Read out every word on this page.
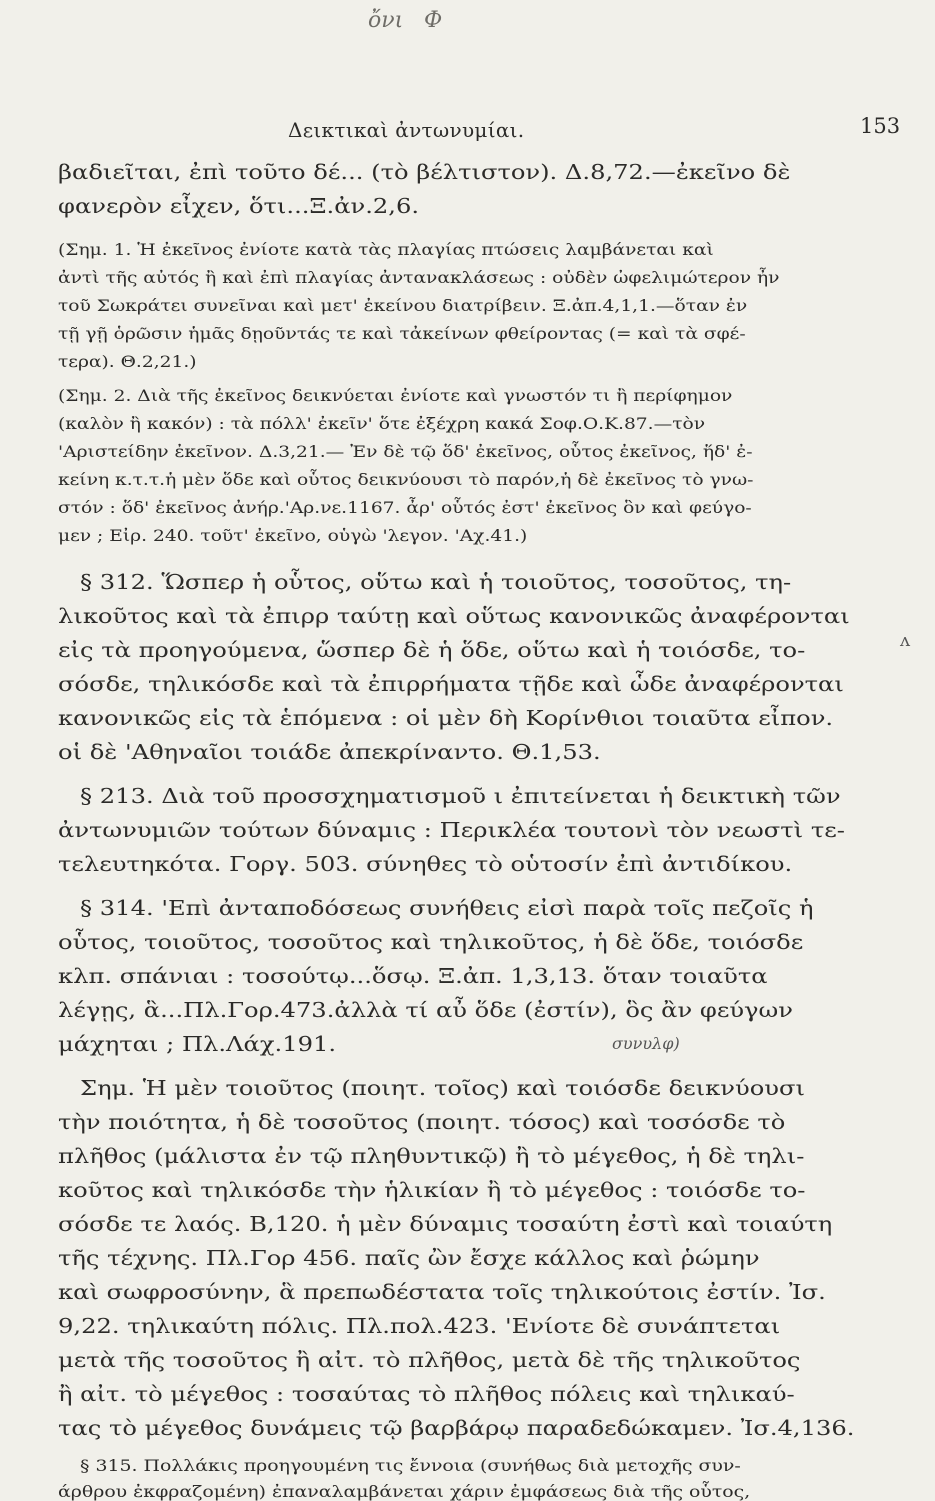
ὄνι Ф
Δεικτικαὶ ἀντωνυμίαι.	153
βαδιεῖται, ἐπὶ τοῦτο δέ... (τὸ βέλτιστον). Δ.8,72.—ἐκεῖνο δὲ
φανερὸν εἶχεν, ὅτι...Ξ.ἀν.2,6.
(Σημ. 1. Ἡ ἐκεῖνος ἐνίοτε κατὰ τὰς πλαγίας πτώσεις λαμβάνεται καὶ
ἀντὶ τῆς αὐτός ἢ καὶ ἐπὶ πλαγίας ἀντανακλάσεως : οὐδὲν ὠφελιμώτερον ἦν
τοῦ Σωκράτει συνεῖναι καὶ μετ' ἐκείνου διατρίβειν. Ξ.ἀπ.4,1,1.—ὅταν ἐν
τῇ γῇ ὁρῶσιν ἡμᾶς δῃοῦντάς τε καὶ τἀκείνων φθείροντας (= καὶ τὰ σφέ-
τερα). Θ.2,21.)
(Σημ. 2. Διὰ τῆς ἐκεῖνος δεικνύεται ἐνίοτε καὶ γνωστόν τι ἢ περίφημον
(καλὸν ἢ κακόν) : τὰ πόλλ' ἐκεῖν' ὅτε ἐξέχρη κακά Σοφ.Ο.Κ.87.—τὸν
'Αριστείδην ἐκεῖνον. Δ.3,21.— Ἐν δὲ τῷ ὅδ' ἐκεῖνος, οὗτος ἐκεῖνος, ἥδ' ἐ-
κείνη κ.τ.τ.ἡ μὲν ὅδε καὶ οὗτος δεικνύουσι τὸ παρόν,ἡ δὲ ἐκεῖνος τὸ γνω-
στόν : ὅδ' ἐκεῖνος ἀνήρ.'Αρ.νε.1167. ἆρ' οὗτός ἐστ' ἐκεῖνος ὃν καὶ φεύγο-
μεν ; Εἰρ. 240. τοῦτ' ἐκεῖνο, οὑγὼ 'λεγον. 'Αχ.41.)
§ 312. Ὥσπερ ἡ οὗτος, οὕτω καὶ ἡ τοιοῦτος, τοσοῦτος, τη-
λικοῦτος καὶ τὰ ἐπιρρ ταύτῃ καὶ οὕτως κανονικῶς ἀναφέρονται
εἰς τὰ προηγούμενα, ὥσπερ δὲ ἡ ὅδε, οὕτω καὶ ἡ τοιόσδε, το-
σόσδε, τηλικόσδε καὶ τὰ ἐπιρρήματα τῇδε καὶ ὧδε ἀναφέρονται
κανονικῶς εἰς τὰ ἑπόμενα : οἱ μὲν δὴ Κορίνθιοι τοιαῦτα εἶπον.
οἱ δὲ 'Αθηναῖοι τοιάδε ἀπεκρίναντο. Θ.1,53.
§ 213. Διὰ τοῦ προσσχηματισμοῦ ι ἐπιτείνεται ἡ δεικτικὴ τῶν
ἀντωνυμιῶν τούτων δύναμις : Περικλέα τουτονὶ τὸν νεωστὶ τε-
τελευτηκότα. Γοργ. 503. σύνηθες τὸ οὑτοσίν ἐπὶ ἀντιδίκου.
§ 314. 'Επὶ ἀνταποδόσεως συνήθεις εἰσὶ παρὰ τοῖς πεζοῖς ἡ
οὗτος, τοιοῦτος, τοσοῦτος καὶ τηλικοῦτος, ἡ δὲ ὅδε, τοιόσδε
κλπ. σπάνιαι : τοσούτῳ...ὅσῳ. Ξ.ἀπ. 1,3,13. ὅταν τοιαῦτα
λέγῃς, ἃ...Πλ.Γορ.473.ἀλλὰ τί αὖ ὅδε (ἐστίν), ὃς ἂν φεύγων
μάχηται ; Πλ.Λάχ.191.
Σημ. Ἡ μὲν τοιοῦτος (ποιητ. τοῖος) καὶ τοιόσδε δεικνύουσι
τὴν ποιότητα, ἡ δὲ τοσοῦτος (ποιητ. τόσος) καὶ τοσόσδε τὸ
πλῆθος (μάλιστα ἐν τῷ πληθυντικῷ) ἢ τὸ μέγεθος, ἡ δὲ τηλι-
κοῦτος καὶ τηλικόσδε τὴν ἡλικίαν ἢ τὸ μέγεθος : τοιόσδε το-
σόσδε τε λαός. Β,120. ἡ μὲν δύναμις τοσαύτη ἐστὶ καὶ τοιαύτη
τῆς τέχνης. Πλ.Γορ 456. παῖς ὢν ἔσχε κάλλος καὶ ῥώμην
καὶ σωφροσύνην, ἃ πρεπωδέστατα τοῖς τηλικούτοις ἐστίν. Ἰσ.
9,22. τηλικαύτη πόλις. Πλ.πολ.423. 'Ενίοτε δὲ συνάπτεται
μετὰ τῆς τοσοῦτος ἢ αἰτ. τὸ πλῆθος, μετὰ δὲ τῆς τηλικοῦτος
ἢ αἰτ. τὸ μέγεθος : τοσαύτας τὸ πλῆθος πόλεις καὶ τηλικαύ-
τας τὸ μέγεθος δυνάμεις τῷ βαρβάρῳ παραδεδώκαμεν. Ἰσ.4,136.
§ 315. Πολλάκις προηγουμένη τις ἔννοια (συνήθως διὰ μετοχῆς συν-
άρθρου ἐκφραζομένη) ἐπαναλαμβάνεται χάριν ἐμφάσεως διὰ τῆς οὗτος,
συνυλφ)
ʌ
